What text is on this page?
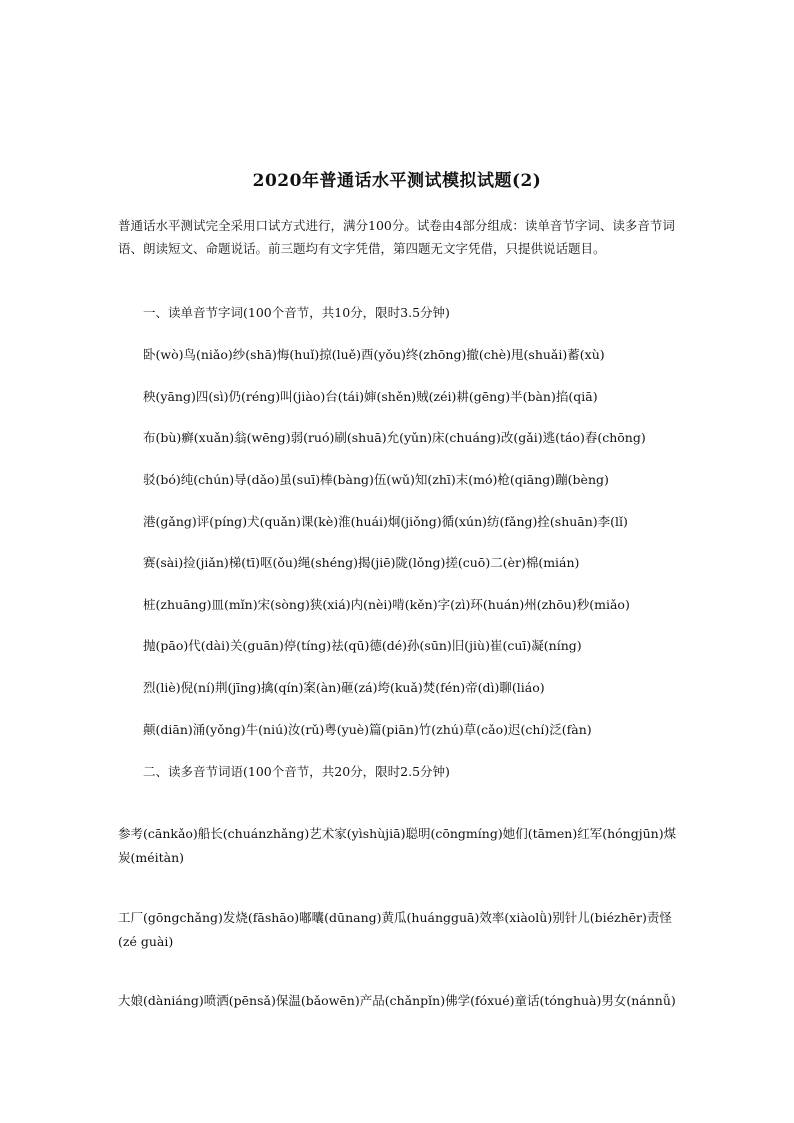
2020年普通话水平测试模拟试题(2)
普通话水平测试完全采用口试方式进行，满分100分。试卷由4部分组成：读单音节字词、读多音节词语、朗读短文、命题说话。前三题均有文字凭借，第四题无文字凭借，只提供说话题目。
一、读单音节字词(100个音节，共10分，限时3.5分钟)
卧(wò)鸟(niǎo)纱(shā)悔(huǐ)掠(luě)酉(yǒu)终(zhōng)撤(chè)甩(shuǎi)蓄(xù)
秧(yāng)四(sì)仍(réng)叫(jiào)台(tái)婶(shěn)贼(zéi)耕(gēng)半(bàn)掐(qiā)
布(bù)癣(xuǎn)翁(wēng)弱(ruó)刷(shuā)允(yǔn)床(chuáng)改(gǎi)逃(táo)舂(chōng)
驳(bó)纯(chún)导(dǎo)虽(suī)棒(bàng)伍(wǔ)知(zhī)末(mó)枪(qiāng)蹦(bèng)
港(gǎng)评(píng)犬(quǎn)课(kè)淮(huái)炯(jiǒng)循(xún)纺(fǎng)拴(shuān)李(lǐ)
赛(sài)捡(jiǎn)梯(tī)呕(ǒu)绳(shéng)揭(jiē)陇(lǒng)搓(cuō)二(èr)棉(mián)
桩(zhuāng)皿(mǐn)宋(sòng)狭(xiá)内(nèi)啃(kěn)字(zì)环(huán)州(zhōu)秒(miǎo)
抛(pāo)代(dài)关(guān)停(tíng)祛(qū)德(dé)孙(sūn)旧(jiù)崔(cuī)凝(níng)
烈(liè)倪(ní)荆(jīng)擒(qín)案(àn)砸(zá)垮(kuǎ)焚(fén)帝(dì)聊(liáo)
颠(diān)涌(yǒng)牛(niú)汝(rǔ)粤(yuè)篇(piān)竹(zhú)草(cǎo)迟(chí)泛(fàn)
二、读多音节词语(100个音节，共20分，限时2.5分钟)
参考(cānkǎo)船长(chuánzhǎng)艺术家(yìshùjiā)聪明(cōngmíng)她们(tāmen)红军(hóngjūn)煤炭(méitàn)
工厂(gōngchǎng)发烧(fāshāo)嘟囔(dūnang)黄瓜(huángguā)效率(xiàolǜ)别针儿(biézhēr)责怪(zé guài)
大娘(dàniáng)喷洒(pēnsǎ)保温(bǎowēn)产品(chǎnpǐn)佛学(fóxué)童话(tónghuà)男女(nánnǚ)
